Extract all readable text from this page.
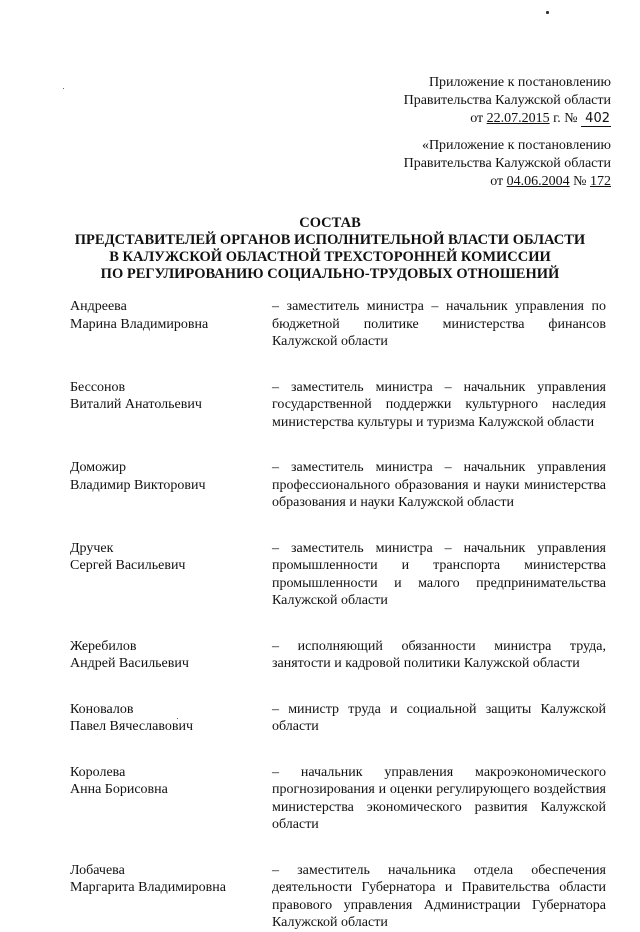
Приложение к постановлению
Правительства Калужской области
от 22.07.2015 г. № 402
«Приложение к постановлению
Правительства Калужской области
от 04.06.2004 № 172
СОСТАВ
ПРЕДСТАВИТЕЛЕЙ ОРГАНОВ ИСПОЛНИТЕЛЬНОЙ ВЛАСТИ ОБЛАСТИ
В КАЛУЖСКОЙ ОБЛАСТНОЙ ТРЕХСТОРОННЕЙ КОМИССИИ
ПО РЕГУЛИРОВАНИЮ СОЦИАЛЬНО-ТРУДОВЫХ ОТНОШЕНИЙ
Андреева
Марина Владимировна
– заместитель министра – начальник управления по бюджетной политике министерства финансов Калужской области
Бессонов
Виталий Анатольевич
– заместитель министра – начальник управления государственной поддержки культурного наследия министерства культуры и туризма Калужской области
Доможир
Владимир Викторович
– заместитель министра – начальник управления профессионального образования и науки министерства образования и науки Калужской области
Дручек
Сергей Васильевич
– заместитель министра – начальник управления промышленности и транспорта министерства промышленности и малого предпринимательства Калужской области
Жеребилов
Андрей Васильевич
– исполняющий обязанности министра труда, занятости и кадровой политики Калужской области
Коновалов
Павел Вячеславович
– министр труда и социальной защиты Калужской области
Королева
Анна Борисовна
– начальник управления макроэкономического прогнозирования и оценки регулирующего воздействия министерства экономического развития Калужской области
Лобачева
Маргарита Владимировна
– заместитель начальника отдела обеспечения деятельности Губернатора и Правительства области правового управления Администрации Губернатора Калужской области
